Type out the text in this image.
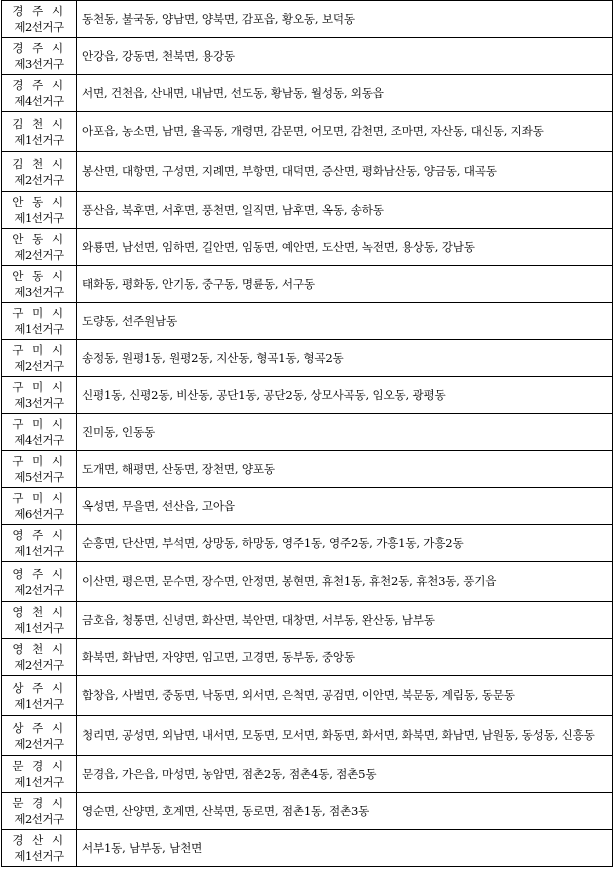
경 주 시
제2선거구	동천동, 불국동, 양남면, 양북면, 감포읍, 황오동, 보덕동

경 주 시
제3선거구	안강읍, 강동면, 천북면, 용강동

경 주 시
제4선거구	서면, 건천읍, 산내면, 내남면, 선도동, 황남동, 월성동, 외동읍

김 천 시
제1선거구	아포읍, 농소면, 남면, 율곡동, 개령면, 감문면, 어모면, 감천면, 조마면, 자산동, 대신동, 지좌동

김 천 시
제2선거구	봉산면, 대항면, 구성면, 지례면, 부항면, 대덕면, 증산면, 평화남산동, 양금동, 대곡동

안 동 시
제1선거구	풍산읍, 북후면, 서후면, 풍천면, 일직면, 남후면, 옥동, 송하동

안 동 시
제2선거구	와룡면, 남선면, 임하면, 길안면, 임동면, 예안면, 도산면, 녹전면, 용상동, 강남동

안 동 시
제3선거구	태화동, 평화동, 안기동, 중구동, 명륜동, 서구동

구 미 시
제1선거구	도량동, 선주원남동

구 미 시
제2선거구	송정동, 원평1동, 원평2동, 지산동, 형곡1동, 형곡2동

구 미 시
제3선거구	신평1동, 신평2동, 비산동, 공단1동, 공단2동, 상모사곡동, 임오동, 광평동

구 미 시
제4선거구	진미동, 인동동

구 미 시
제5선거구	도개면, 해평면, 산동면, 장천면, 양포동

구 미 시
제6선거구	옥성면, 무을면, 선산읍, 고아읍

영 주 시
제1선거구	순흥면, 단산면, 부석면, 상망동, 하망동, 영주1동, 영주2동, 가흥1동, 가흥2동

영 주 시
제2선거구	이산면, 평은면, 문수면, 장수면, 안정면, 봉현면, 휴천1동, 휴천2동, 휴천3동, 풍기읍

영 천 시
제1선거구	금호읍, 청통면, 신녕면, 화산면, 북안면, 대창면, 서부동, 완산동, 남부동

영 천 시
제2선거구	화북면, 화남면, 자양면, 임고면, 고경면, 동부동, 중앙동

상 주 시
제1선거구	함창읍, 사벌면, 중동면, 낙동면, 외서면, 은척면, 공검면, 이안면, 북문동, 계림동, 동문동

상 주 시
제2선거구	청리면, 공성면, 외남면, 내서면, 모동면, 모서면, 화동면, 화서면, 화북면, 화남면, 남원동, 동성동, 신흥동

문 경 시
제1선거구	문경읍, 가은읍, 마성면, 농암면, 점촌2동, 점촌4동, 점촌5동

문 경 시
제2선거구	영순면, 산양면, 호계면, 산북면, 동로면, 점촌1동, 점촌3동

경 산 시
제1선거구	서부1동, 남부동, 남천면
